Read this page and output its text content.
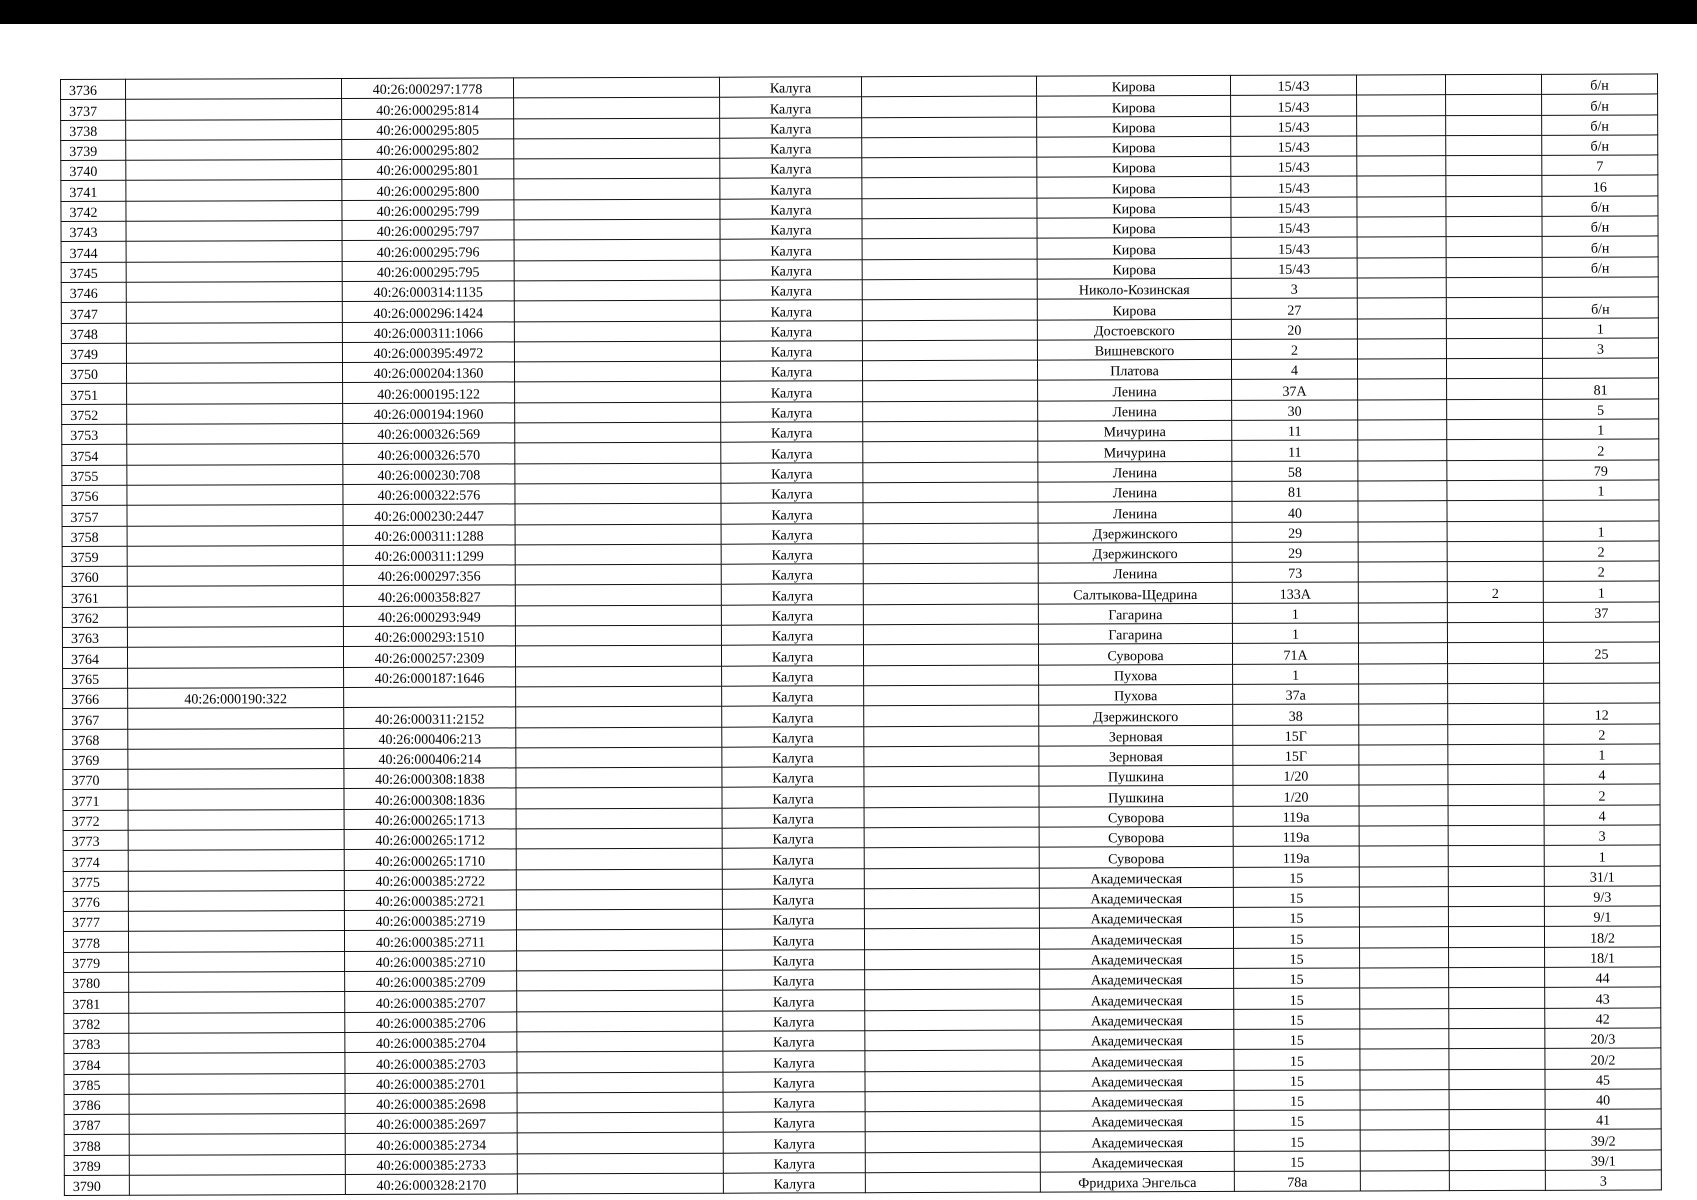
3736		40:26:000297:1778		Калуга		Кирова	15/43			б/н
3737		40:26:000295:814		Калуга		Кирова	15/43			б/н
3738		40:26:000295:805		Калуга		Кирова	15/43			б/н
3739		40:26:000295:802		Калуга		Кирова	15/43			б/н
3740		40:26:000295:801		Калуга		Кирова	15/43			7
3741		40:26:000295:800		Калуга		Кирова	15/43			16
3742		40:26:000295:799		Калуга		Кирова	15/43			б/н
3743		40:26:000295:797		Калуга		Кирова	15/43			б/н
3744		40:26:000295:796		Калуга		Кирова	15/43			б/н
3745		40:26:000295:795		Калуга		Кирова	15/43			б/н
3746		40:26:000314:1135		Калуга		Николо-Козинская	3			
3747		40:26:000296:1424		Калуга		Кирова	27			б/н
3748		40:26:000311:1066		Калуга		Достоевского	20			1
3749		40:26:000395:4972		Калуга		Вишневского	2			3
3750		40:26:000204:1360		Калуга		Платова	4			
3751		40:26:000195:122		Калуга		Ленина	37А			81
3752		40:26:000194:1960		Калуга		Ленина	30			5
3753		40:26:000326:569		Калуга		Мичурина	11			1
3754		40:26:000326:570		Калуга		Мичурина	11			2
3755		40:26:000230:708		Калуга		Ленина	58			79
3756		40:26:000322:576		Калуга		Ленина	81			1
3757		40:26:000230:2447		Калуга		Ленина	40			
3758		40:26:000311:1288		Калуга		Дзержинского	29			1
3759		40:26:000311:1299		Калуга		Дзержинского	29			2
3760		40:26:000297:356		Калуга		Ленина	73			2
3761		40:26:000358:827		Калуга		Салтыкова-Щедрина	133А		2	1
3762		40:26:000293:949		Калуга		Гагарина	1			37
3763		40:26:000293:1510		Калуга		Гагарина	1			
3764		40:26:000257:2309		Калуга		Суворова	71А			25
3765		40:26:000187:1646		Калуга		Пухова	1			
3766	40:26:000190:322			Калуга		Пухова	37а			
3767		40:26:000311:2152		Калуга		Дзержинского	38			12
3768		40:26:000406:213		Калуга		Зерновая	15Г			2
3769		40:26:000406:214		Калуга		Зерновая	15Г			1
3770		40:26:000308:1838		Калуга		Пушкина	1/20			4
3771		40:26:000308:1836		Калуга		Пушкина	1/20			2
3772		40:26:000265:1713		Калуга		Суворова	119а			4
3773		40:26:000265:1712		Калуга		Суворова	119а			3
3774		40:26:000265:1710		Калуга		Суворова	119а			1
3775		40:26:000385:2722		Калуга		Академическая	15			31/1
3776		40:26:000385:2721		Калуга		Академическая	15			9/3
3777		40:26:000385:2719		Калуга		Академическая	15			9/1
3778		40:26:000385:2711		Калуга		Академическая	15			18/2
3779		40:26:000385:2710		Калуга		Академическая	15			18/1
3780		40:26:000385:2709		Калуга		Академическая	15			44
3781		40:26:000385:2707		Калуга		Академическая	15			43
3782		40:26:000385:2706		Калуга		Академическая	15			42
3783		40:26:000385:2704		Калуга		Академическая	15			20/3
3784		40:26:000385:2703		Калуга		Академическая	15			20/2
3785		40:26:000385:2701		Калуга		Академическая	15			45
3786		40:26:000385:2698		Калуга		Академическая	15			40
3787		40:26:000385:2697		Калуга		Академическая	15			41
3788		40:26:000385:2734		Калуга		Академическая	15			39/2
3789		40:26:000385:2733		Калуга		Академическая	15			39/1
3790		40:26:000328:2170		Калуга		Фридриха Энгельса	78а			3
